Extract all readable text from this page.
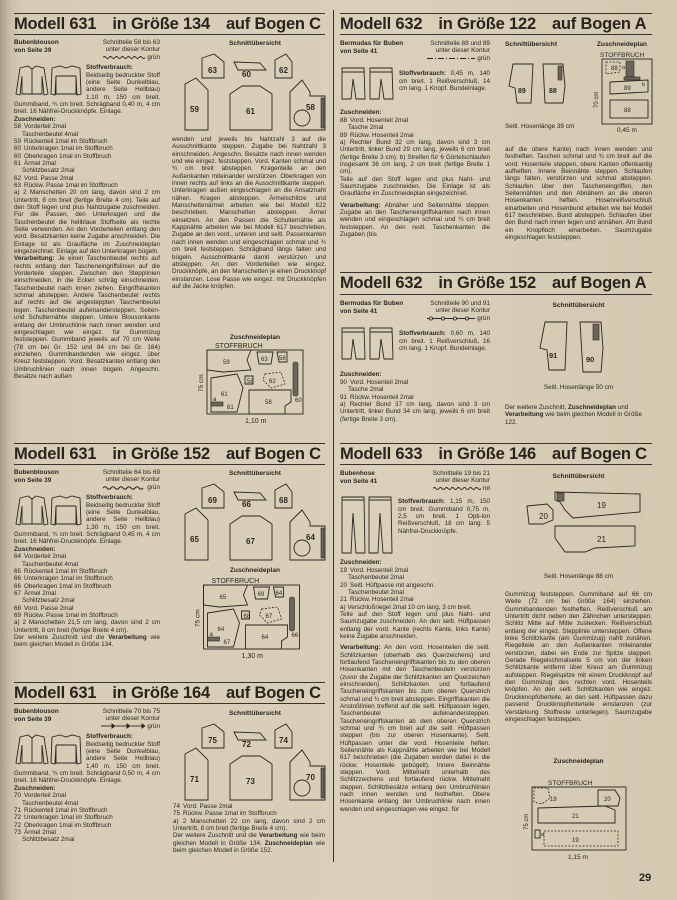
Modell 631 in Größe 134 auf Bogen C
Bubenblouson
von Seite 39
Schnitteile 58 bis 63 unter dieser Kontur
grün

Stoffverbrauch: Beidseitig bedruckter Stoff (eine Seite Dunkelblau, andere Seite Hellblau) 1,10 m, 150 cm breit. Gummiband, ¾ cm breit. Schrägband 0,40 m, 4 cm breit. 16 Nähfrei-Druckknöpfe. Einlage.

Zuschneiden:
58 Vorderteil 2mal
Taschenbeutel 4mal
59 Rückenteil 1mal im Stoffbruch
60 Unterkragen 1mal im Stoffbruch
60 Oberkragen 1mal im Stoffbruch
61 Ärmel 2mal
Schlitzbesatz 2mal
62 Vord. Passe 2mal
63 Rückw. Passe 1mal im Stoffbruch

a) 2 Manschetten 20 cm lang, davon sind 2 cm Untertritt, 8 cm breit (fertige Breite 4 cm). Teile auf den Stoff legen und plus Nahtzugabe zuschneiden. Für die Passen, den Unterkragen und die Taschenbeutel die hellblaue Stoffseite als rechte Seite verwenden. An den Vorderteilen entlang den vord. Besatzkanten keine Zugabe anschneiden. Die Einlage ist als Graufläche im Zuschneideplan eingezeichnet. Einlage auf den Unterkragen bügeln.

Verarbeitung: Je einen Taschenbeutel rechts auf rechts entlang den Tascheneingriffslinien auf die Vorderteile steppen. Zwischen den Stepplinien einschneiden, in die Ecken schräg einschneiden. Taschenbeutel nach innen ziehen. Eingriffskanten schmal absteppen. Andere Taschenbeutel rechts auf rechts auf die angesteppten Taschenbeutel legen. Taschenbeutel aufeinandersteppen. Seiten- und Schulternähte steppen. Untere Blousonkante entlang der Umbruchlinie nach innen wenden und eingeschlagen wie eingez. für Gummizug feststeppen. Gummiband jeweils auf 70 cm Weite (78 cm bei Gr. 152 und 84 cm bei Gr. 164) einziehen. Gummibandenden wie eingez. über Kreuz feststeppen. Vord. Besatzkanten entlang den Umbruchlinien nach innen bügeln. Angeschn. Besätze nach außen

Schnittübersicht
63	60	62
59	61	58

wenden und jeweils bis Nahtzahl 3 auf die Ausschnittkante steppen. Zugabe bei Nahtzahl 3 einschneiden. Angeschn. Besätze nach innen wenden und wie eingez. feststeppen. Vord. Kanten schmal und ¾ cm breit absteppen. Kragenteile an den Außenkanten miteinander verstürzen. Oberkragen von innen rechts auf links an die Ausschnittkante steppen. Unterkragen außen eingeschlagen an die Ansatznaht nähen. Kragen absteppen. Ärmelschlitze und Manschettenärmel arbeiten wie bei Modell 622 beschrieben. Manschetten absteppen. Ärmel einsetzen. An den Passen die Schulternähte als Kappnähte arbeiten wie bei Modell 617 beschrieben. Zugabe an den vord., unteren und seitl. Passenkanten nach innen wenden und eingeschlagen schmal und ¾ cm breit feststeppen. Schrägband längs falten und bügeln. Ausschnittkante damit verstürzen und absteppen. An den Vorderteilen wie eingez. Druckknöpfe, an den Manschetten je einen Druckknopf einstanzen. Lose Passe wie eingez. mit Druckknöpfen auf die Jacke knöpfen.

Zuschneideplan
STOFFBRUCH
59	63 58
58	62
61
58	60
a
61
75 cm
1,10 m
Modell 631 in Größe 152 auf Bogen C
Bubenblouson
von Seite 39
Schnitteile 64 bis 69 unter dieser Kontur
grün

Stoffverbrauch: Beidseitig bedruckter Stoff (eine Seite Dunkelblau, andere Seite Hellblau) 1,30 m, 150 cm breit. Gummiband, ¾ cm breit. Schrägband 0,45 m, 4 cm breit. 16 Nähfrei-Druckknöpfe. Einlage.

Zuschneiden:
64 Vorderteil 2mal
Taschenbeutel 4mal
65 Rückenteil 1mal im Stoffbruch
66 Unterkragen 1mal im Stoffbruch
66 Oberkragen 1mal im Stoffbruch
67 Ärmel 2mal
Schlitzbesatz 2mal
68 Vord. Passe 2mal
69 Rückw. Passe 1mal im Stoffbruch

a) 2 Manschetten 21,5 cm lang, davon sind 2 cm Untertritt, 8 cm breit (fertige Breite 4 cm).

Der weitere Zuschnitt und die Verarbeitung wie beim gleichen Modell in Größe 134.

Schnittübersicht
69	66	68
65	67	64
Zuschneideplan
STOFFBRUCH
65	69 64
68	67
64
64	66
a
67
75 cm
1,30 m
Modell 631 in Größe 164 auf Bogen C
Bubenblouson
von Seite 39
Schnitteile 70 bis 75 unter dieser Kontur
grün

Stoffverbrauch: Beidseitig bedruckter Stoff (eine Seite Dunkelblau, andere Seite Hellblau) 1,40 m, 150 cm breit. Gummiband, ¾ cm breit. Schrägband 0,50 m, 4 cm breit. 16 Nähfrei-Druckknöpfe. Einlage.

Zuschneiden:
70 Vorderteil 2mal
Taschenbeutel 4mal
71 Rückenteil 1mal im Stoffbruch
72 Unterkragen 1mal im Stoffbruch
72 Oberkragen 1mal im Stoffbruch
73 Ärmel 2mal
Schlitzbesatz 2mal
Schnittübersicht
75	72	74
71	73	70
74 Vord. Passe 2mal
75 Rückw. Passe 1mal im Stoffbruch

a) 2 Manschetten 22 cm lang, davon sind 2 cm Untertritt, 8 cm breit (fertige Breite 4 cm).

Der weitere Zuschnitt und die Verarbeitung wie beim gleichen Modell in Größe 134. Zuschneideplan wie beim gleichen Modell in Größe 152.

Modell 632 in Größe 122 auf Bogen A
Bermudas für Buben
von Seite 41
Schnitteile 88 und 89 unter dieser Kontur
grün

Stoffverbrauch: 0,45 m, 140 cm breit. 1 Reißverschluß, 14 cm lang. 1 Knopf. Bundeinlage.

Zuschneiden:
88 Vord. Hosenteil 2mal
Tasche 2mal
89 Rückw. Hosenteil 2mal

a) Rechter Bund 32 cm lang, davon sind 3 cm Untertritt, linker Bund 29 cm lang, jeweils 6 cm breit (fertige Breite 3 cm). b) Streifen für 6 Gürtelschlaufen insgesamt 36 cm lang, 2 cm breit (fertige Breite 1 cm).

Teile auf den Stoff legen und plus Naht- und Saumzugabe zuschneiden. Die Einlage ist als Graufläche im Zuschneideplan eingezeichnet.

Verarbeitung: Abnäher und Seitennähte steppen. Zugabe an den Tascheneingriffskanten nach innen wenden und eingeschlagen schmal und ¾ cm breit feststeppen. An den restl. Taschenkanten die Zugaben (bis

Schnittübersicht
89	88
Seitl. Hosenlänge 39 cm
Zuschneideplan
STOFFBRUCH
88 a
b
89
88
70 cm
0,45 m

auf die obere Kante) nach innen wenden und festheften. Taschen schmal und ¾ cm breit auf die vord. Hosenteile steppen, obere Kanten offenkantig aufheften. Innere Beinnähte steppen. Schlaufen längs falten, verstürzen und schmal absteppen. Schlaufen über den Tascheneingriffen, den Seitennähten und den Abnähern an die oberen Hosenkanten heften. Hosenreißverschluß einarbeiten und Hosenbund arbeiten wie bei Modell 617 beschrieben. Bund absteppen. Schlaufen über den Bund nach innen legen und annähen. Am Bund ein Knopfloch einarbeiten. Saumzugabe eingeschlagen feststeppen.

Modell 632 in Größe 152 auf Bogen A
Bermudas für Buben
von Seite 41
Schnitteile 90 und 91 unter dieser Kontur
grün

Stoffverbrauch: 0,60 m, 140 cm breit. 1 Reißverschluß, 16 cm lang. 1 Knopf. Bundeinlage.

Zuschneiden:
90 Vord. Hosenteil 2mal
Tasche 2mal
91 Rückw. Hosenteil 2mal

a) Rechter Bund 37 cm lang, davon sind 3 cm Untertritt, linker Bund 34 cm lang, jeweils 6 cm breit (fertige Breite 3 cm).

Schnittübersicht
91	90
Seitl. Hosenlänge 50 cm

Der weitere Zuschnitt, Zuschneideplan und Verarbeitung wie beim gleichen Modell in Größe 122.

Modell 633 in Größe 146 auf Bogen C
Bubenhose
von Seite 41
Schnitteile 19 bis 21 unter dieser Kontur
rot

Stoffverbrauch: 1,15 m, 150 cm breit. Gummiband 0,75 m, 2,5 cm breit. 1 Opti-lon Reißverschluß, 18 cm lang. 5 Nähfrei-Druckknöpfe.

Zuschneiden:
19 Vord. Hosenteil 2mal
Taschenbeutel 2mal
20 Seitl. Hüftpasse mit angeschn.
Taschenbeutel 2mal
21 Rückw. Hosenteil 2mal

a) Verschlußriegel 2mal 10 cm lang, 3 cm breit.

Teile auf den Stoff legen und plus Naht- und Saumzugabe zuschneiden. An den seitl. Hüftpassen entlang der vord. Kante (rechts Kante, links Kante) keine Zugabe anschneiden.

Verarbeitung: An den vord. Hosenteilen die seitl. Schlitzkanten (oberhalb des Querzeichens) und fortlaufend Tascheneingriffskanten bis zu den oberen Hosenkanten mit den Taschenbeuteln verstürzen (zuvor die Zugabe der Schlitzkanten am Querzeichen einschneiden). Schlitzkanten und fortlaufend Tascheneingriffskanten bis zum oberen Querstrich schmal und ¾ cm breit absteppen. Eingriffskanten die Anstoßlinien treffend auf die seitl. Hüftpassen legen, Taschenbeutel aufeinandersteppen. Tascheneingriffskanten ab dem oberen Querstrich schmal und ¾ cm breit auf die seitl. Hüftpassen steppen (bis zur oberen Hosenkante). Seitl. Hüftpassen unter die vord. Hosenteile heften. Seitennähte als Kappnähte arbeiten wie bei Modell 617 beschrieben (die Zugaben werden dabei in die rückw. Hosenteile gebügelt). Innere Beinnähte steppen. Vord. Mittelnaht unterhalb des Schlitzzeichens und fortlaufend rückw. Mittelnaht steppen. Schlitzbesätze entlang den Umbruchlinien nach innen wenden und festheften. Obere Hosenkante entlang der Umbruchlinie nach innen wenden und eingeschlagen wie eingez. für

Schnittübersicht
20
19
21
Seitl. Hosenlänge 88 cm

Gummizug feststeppen. Gummiband auf 66 cm Weite (72 cm bei Größe 164) einziehen. Gummibandenden festheften. Reißverschluß am Untertritt dicht neben den Zähnchen untersteppen. Schlitz Mitte auf Mitte zustecken. Reißverschluß entlang der eingez. Stepplinie untersteppen. Offene linke Schlitzkante (am Gummizug) nahtl zunähen. Riegelteile an den Außenkanten miteinander verstürzen, dabei ein Ende zur Spitze steppen. Gerade Riegelschmalseite 5 cm von der linken Schlitzkante entfernt über Kreuz am Gummizug aufsteppen. Riegelspitze mit einem Druckknopf auf den Gummizug des rechten vord. Hosenteils knöpfen. An den seitl. Schlitzkanten wie eingez. Druckknopfoberteile, an den seitl. Hüftpassen dazu passend Druckknopfunterteile einstanzen (zur Verstärkung Stoffreste unterlegen). Saumzugabe eingeschlagen feststeppen.

Zuschneideplan
STOFFBRUCH
19	20
21
a
19
75 cm
1,15 m
29
